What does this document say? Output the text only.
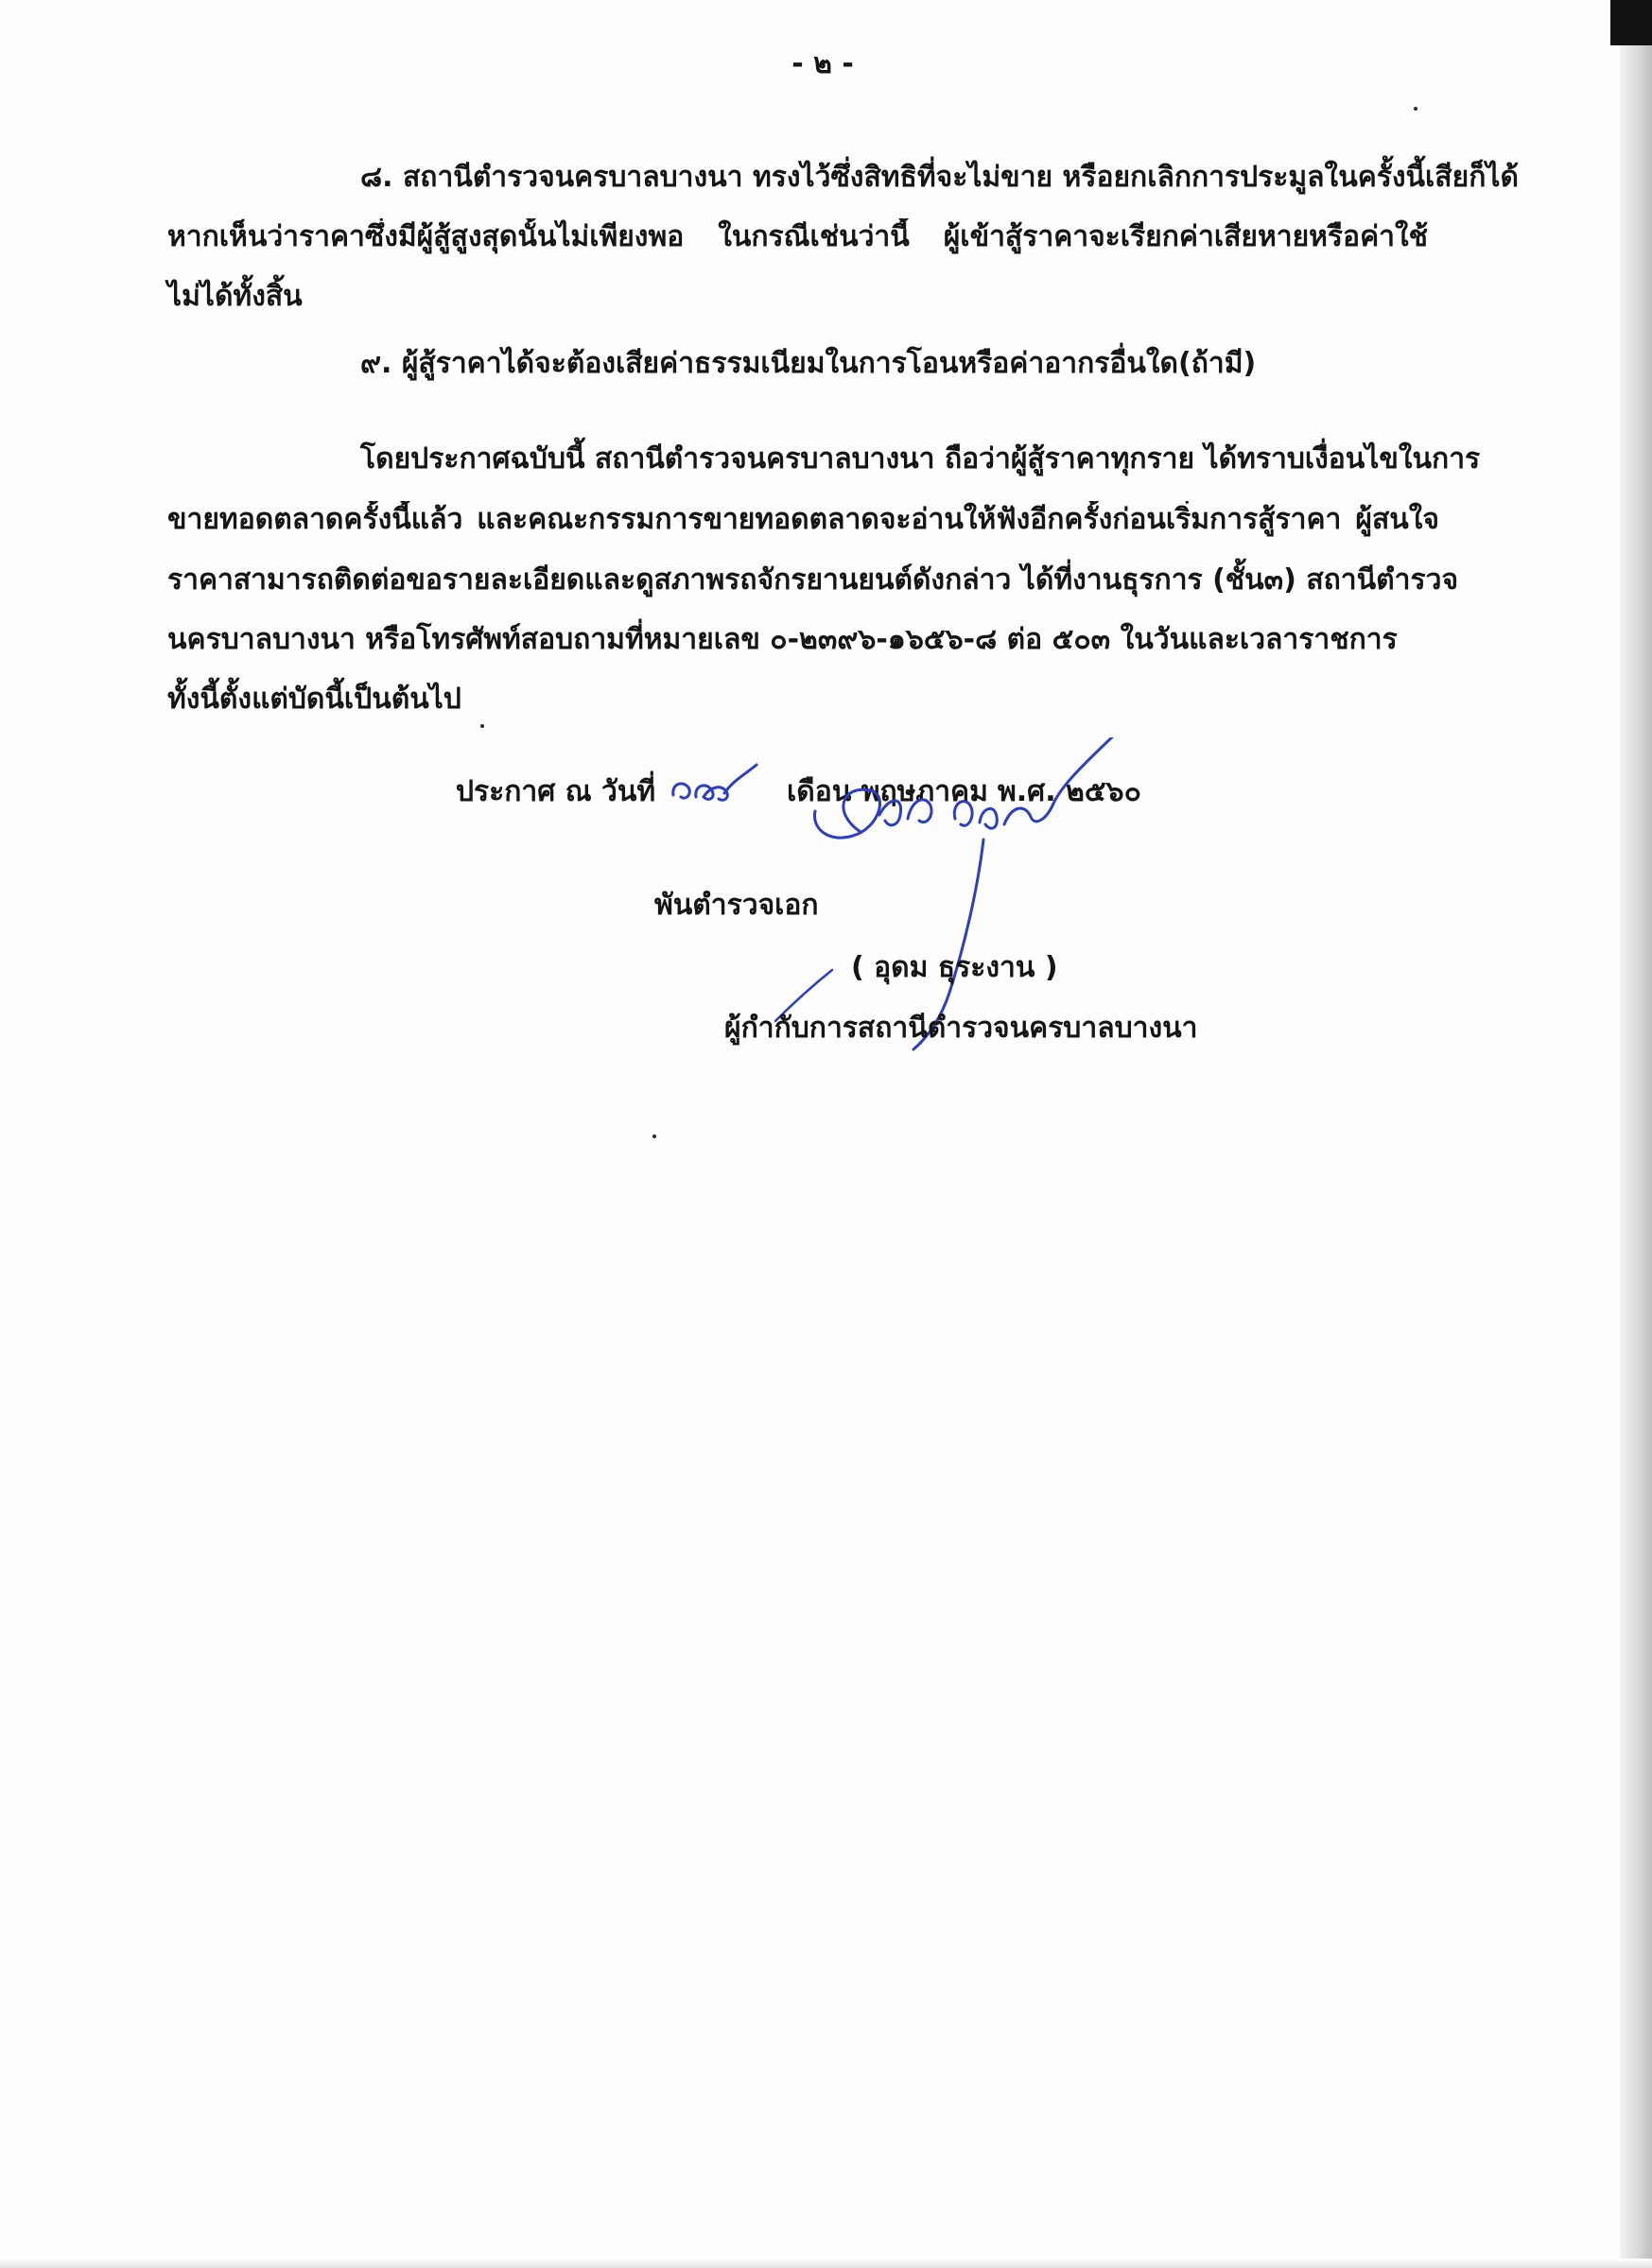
- ๒ -
๘. สถานีตำรวจนครบาลบางนา ทรงไว้ซึ่งสิทธิที่จะไม่ขาย หรือยกเลิกการประมูลในครั้งนี้เสียก็ได้
หากเห็นว่าราคาซึ่งมีผู้สู้สูงสุดนั้นไม่เพียงพอ ในกรณีเช่นว่านี้ ผู้เข้าสู้ราคาจะเรียกค่าเสียหายหรือค่าใช้
ไม่ได้ทั้งสิ้น
๙. ผู้สู้ราคาได้จะต้องเสียค่าธรรมเนียมในการโอนหรือค่าอากรอื่นใด(ถ้ามี)
โดยประกาศฉบับนี้ สถานีตำรวจนครบาลบางนา ถือว่าผู้สู้ราคาทุกราย ได้ทราบเงื่อนไขในการ
ขายทอดตลาดครั้งนี้แล้ว และคณะกรรมการขายทอดตลาดจะอ่านให้ฟังอีกครั้งก่อนเริ่มการสู้ราคา ผู้สนใจ
ราคาสามารถติดต่อขอรายละเอียดและดูสภาพรถจักรยานยนต์ดังกล่าว ได้ที่งานธุรการ (ชั้น๓) สถานีตำรวจ
นครบาลบางนา หรือโทรศัพท์สอบถามที่หมายเลข ๐-๒๓๙๖-๑๖๕๖-๘ ต่อ ๕๐๓ ในวันและเวลาราชการ
ทั้งนี้ตั้งแต่บัดนี้เป็นต้นไป
ประกาศ ณ วันที่	เดือน พฤษภาคม พ.ศ. ๒๕๖๐
พันตำรวจเอก
( อุดม ธุระงาน )
ผู้กำกับการสถานีตำรวจนครบาลบางนา
